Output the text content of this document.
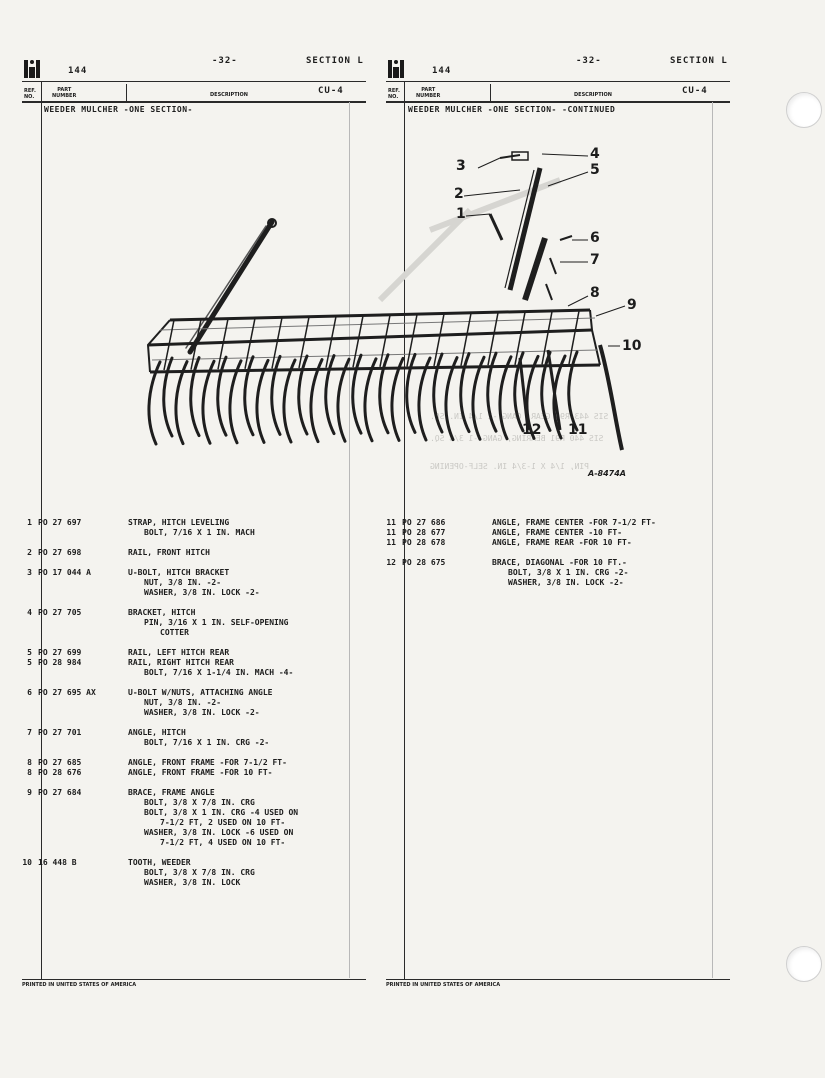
SIS 443 R91 GEAR, GANG -1 1/4 IN. SQ.
SIS 440 R91 BEARING, GANG -1 3/4 SQ.
PIN, 1/4 X 1-3/4 IN. SELF-OPENING
144
-32-	SECTION L
CU-4
REF.
NO.
PART
NUMBER	DESCRIPTION
WEEDER MULCHER -ONE SECTION-
144
-32-	SECTION L
CU-4
REF.
NO.
PART
NUMBER	DESCRIPTION
WEEDER MULCHER -ONE SECTION- -CONTINUED
1
2
3
4
5
6
7
8
9
10
11
12
A-8474A
1 PO 27 697	STRAP, HITCH LEVELING
BOLT, 7/16 X 1 IN. MACH
2 PO 27 698	RAIL, FRONT HITCH
3 PO 17 044 A	U-BOLT, HITCH BRACKET
NUT, 3/8 IN. -2-
WASHER, 3/8 IN. LOCK -2-
4 PO 27 705	BRACKET, HITCH
PIN, 3/16 X 1 IN. SELF-OPENING
COTTER
5 PO 27 699	RAIL, LEFT HITCH REAR
5 PO 28 984	RAIL, RIGHT HITCH REAR
BOLT, 7/16 X 1-1/4 IN. MACH -4-
6 PO 27 695 AX	U-BOLT W/NUTS, ATTACHING ANGLE
NUT, 3/8 IN. -2-
WASHER, 3/8 IN. LOCK -2-
7 PO 27 701	ANGLE, HITCH
BOLT, 7/16 X 1 IN. CRG -2-
8 PO 27 685	ANGLE, FRONT FRAME -FOR 7-1/2 FT-
8 PO 28 676	ANGLE, FRONT FRAME -FOR 10 FT-
9 PO 27 684	BRACE, FRAME ANGLE
BOLT, 3/8 X 7/8 IN. CRG
BOLT, 3/8 X 1 IN. CRG -4 USED ON
7-1/2 FT, 2 USED ON 10 FT-
WASHER, 3/8 IN. LOCK -6 USED ON
7-1/2 FT, 4 USED ON 10 FT-
10 16 448 B	TOOTH, WEEDER
BOLT, 3/8 X 7/8 IN. CRG
WASHER, 3/8 IN. LOCK
11 PO 27 686	ANGLE, FRAME CENTER -FOR 7-1/2 FT-
11 PO 28 677	ANGLE, FRAME CENTER -10 FT-
11 PO 28 678	ANGLE, FRAME REAR -FOR 10 FT-
12 PO 28 675	BRACE, DIAGONAL -FOR 10 FT.-
BOLT, 3/8 X 1 IN. CRG -2-
WASHER, 3/8 IN. LOCK -2-
PRINTED IN UNITED STATES OF AMERICA	PRINTED IN UNITED STATES OF AMERICA
